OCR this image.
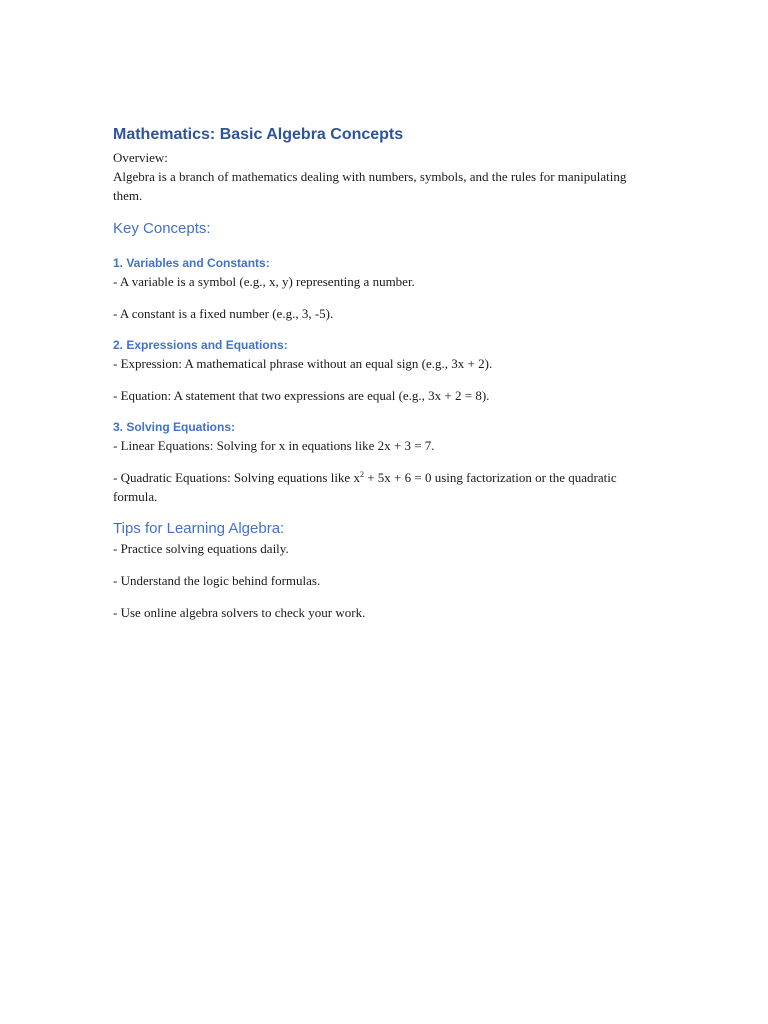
Mathematics: Basic Algebra Concepts

Overview:

Algebra is a branch of mathematics dealing with numbers, symbols, and the rules for manipulating them.

Key Concepts:

1. Variables and Constants:

- A variable is a symbol (e.g., x, y) representing a number.

- A constant is a fixed number (e.g., 3, -5).

2. Expressions and Equations:

- Expression: A mathematical phrase without an equal sign (e.g., 3x + 2).

- Equation: A statement that two expressions are equal (e.g., 3x + 2 = 8).

3. Solving Equations:

- Linear Equations: Solving for x in equations like 2x + 3 = 7.

- Quadratic Equations: Solving equations like $x^2 + 5x + 6 = 0$ using factorization or the quadratic formula.

Tips for Learning Algebra:

- Practice solving equations daily.

- Understand the logic behind formulas.

- Use online algebra solvers to check your work.
